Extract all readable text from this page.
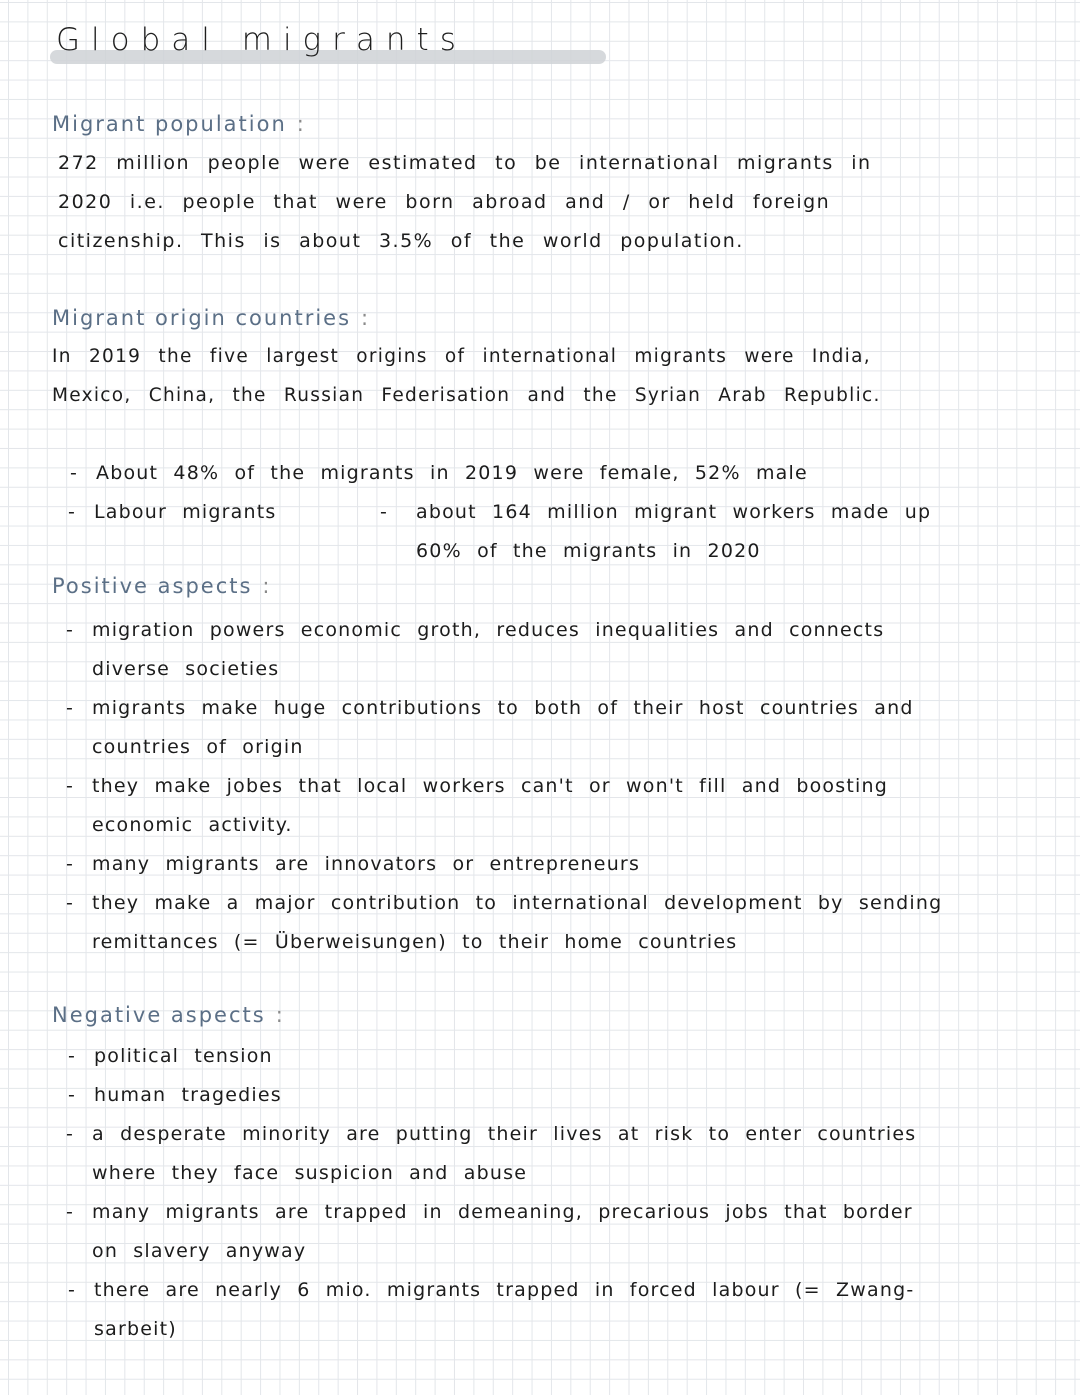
Global migrants
Migrant population :

272 million people were estimated to be international migrants in
2020 i.e. people that were born abroad and / or held foreign
citizenship. This is about 3.5% of the world population.

Migrant origin countries :

In 2019 the five largest origins of international migrants were India,
Mexico, China, the Russian Federisation and the Syrian Arab Republic.

- About 48% of the migrants in 2019 were female, 52% male

- Labour migrants	- about 164 million migrant workers made up
60% of the migrants in 2020

Positive aspects :
- migration powers economic groth, reduces inequalities and connects
diverse societies
- migrants make huge contributions to both of their host countries and
countries of origin
- they make jobes that local workers can't or won't fill and boosting
economic activity.
- many migrants are innovators or entrepreneurs
- they make a major contribution to international development by sending
remittances (= Überweisungen) to their home countries
Negative aspects :
- political tension
- human tragedies
- a desperate minority are putting their lives at risk to enter countries
where they face suspicion and abuse
- many migrants are trapped in demeaning, precarious jobs that border
on slavery anyway
- there are nearly 6 mio. migrants trapped in forced labour (= Zwang-
sarbeit)
